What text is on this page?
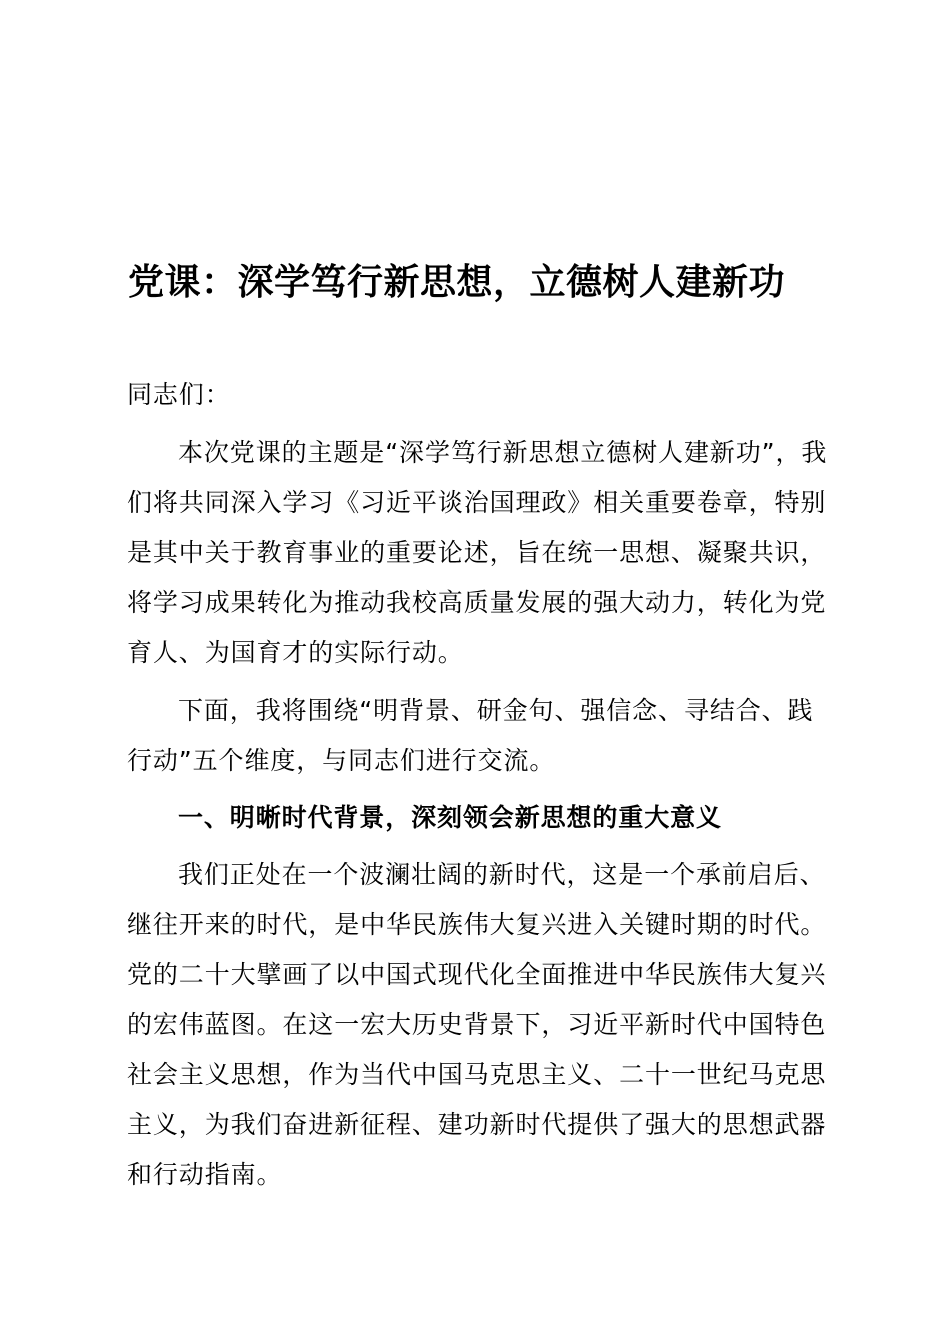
党课：深学笃行新思想，立德树人建新功
同志们：
本次党课的主题是“深学笃行新思想立德树人建新功”，我
们将共同深入学习《习近平谈治国理政》相关重要卷章，特别
是其中关于教育事业的重要论述，旨在统一思想、凝聚共识，
将学习成果转化为推动我校高质量发展的强大动力，转化为党
育人、为国育才的实际行动。
下面，我将围绕“明背景、研金句、强信念、寻结合、践
行动”五个维度，与同志们进行交流。
一、明晰时代背景，深刻领会新思想的重大意义
我们正处在一个波澜壮阔的新时代，这是一个承前启后、
继往开来的时代，是中华民族伟大复兴进入关键时期的时代。
党的二十大擘画了以中国式现代化全面推进中华民族伟大复兴
的宏伟蓝图。在这一宏大历史背景下，习近平新时代中国特色
社会主义思想，作为当代中国马克思主义、二十一世纪马克思
主义，为我们奋进新征程、建功新时代提供了强大的思想武器
和行动指南。
